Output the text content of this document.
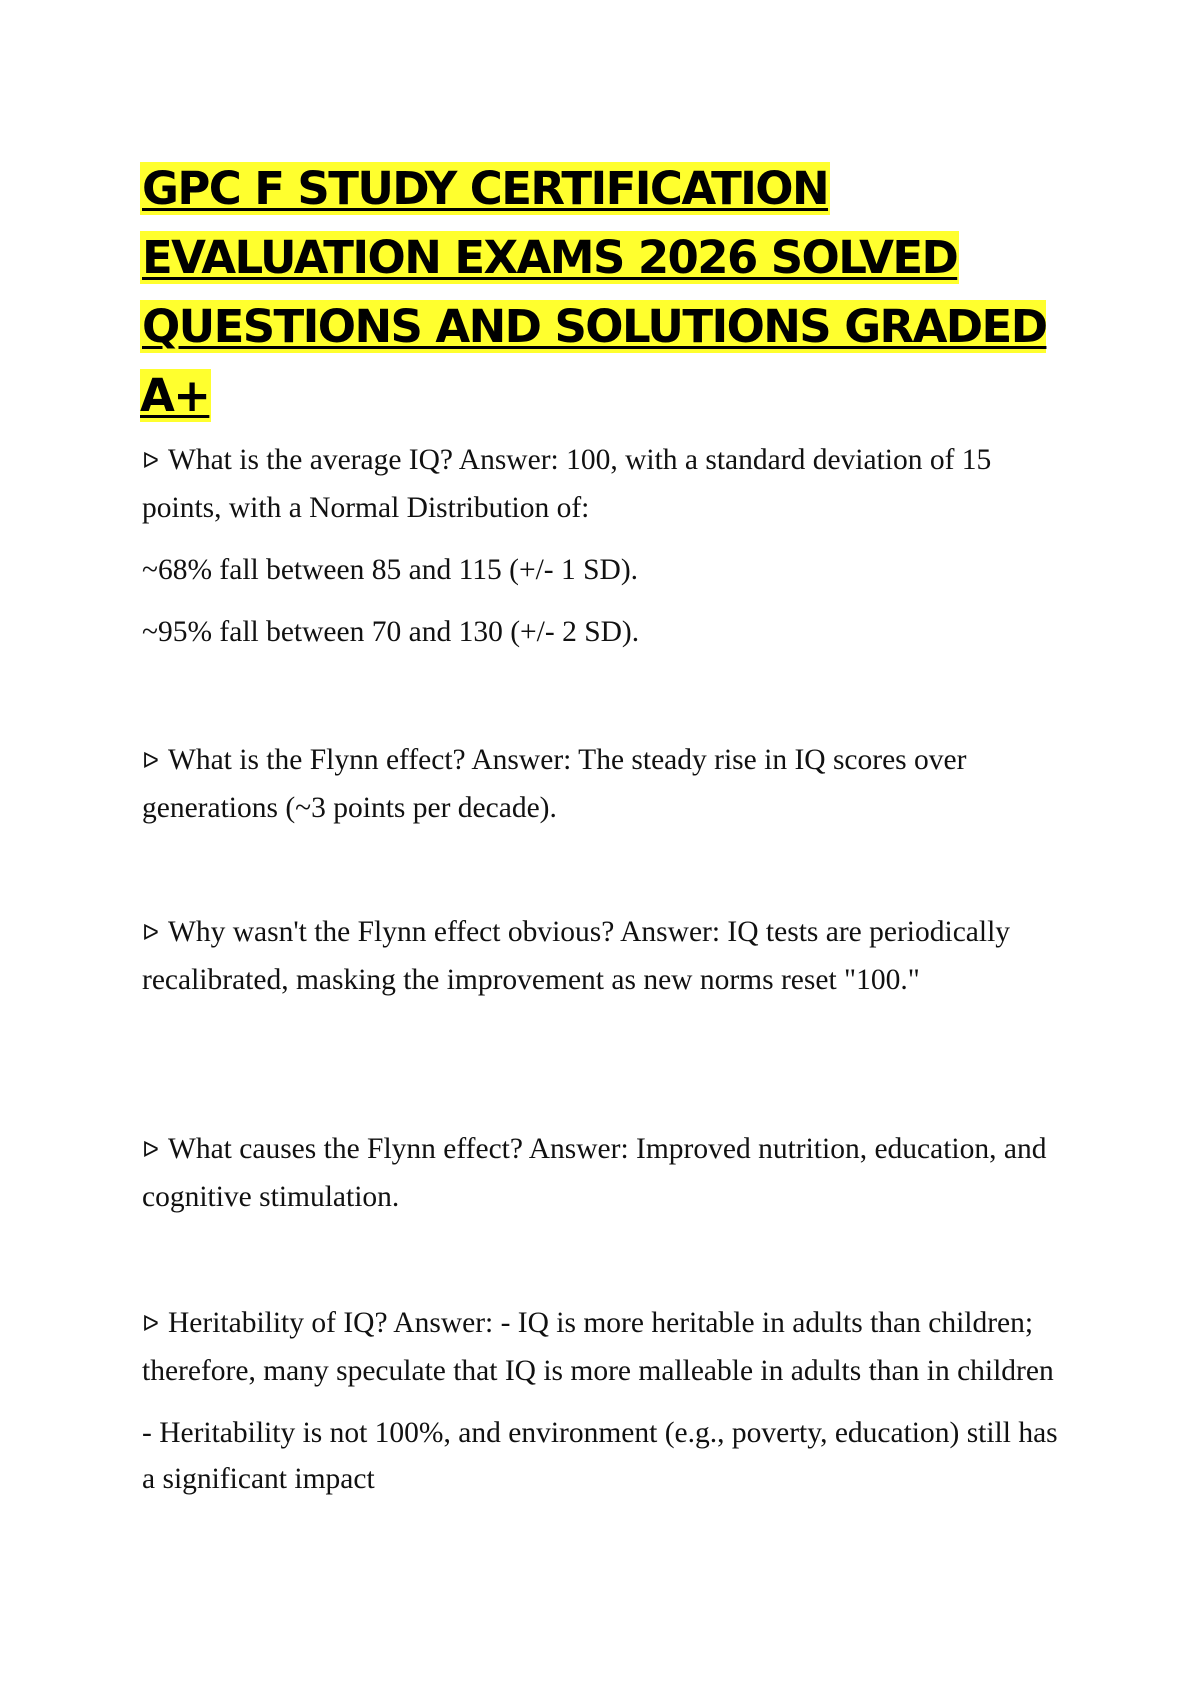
GPC F STUDY CERTIFICATION
EVALUATION EXAMS 2026 SOLVED
QUESTIONS AND SOLUTIONS GRADED A+

ᐅ What is the average IQ? Answer: 100, with a standard deviation of 15 points, with a Normal Distribution of:

~68% fall between 85 and 115 (+/- 1 SD).

~95% fall between 70 and 130 (+/- 2 SD).

ᐅ What is the Flynn effect? Answer: The steady rise in IQ scores over generations (~3 points per decade).

ᐅ Why wasn't the Flynn effect obvious? Answer: IQ tests are periodically recalibrated, masking the improvement as new norms reset "100."

ᐅ What causes the Flynn effect? Answer: Improved nutrition, education, and cognitive stimulation.

ᐅ Heritability of IQ? Answer: - IQ is more heritable in adults than children; therefore, many speculate that IQ is more malleable in adults than in children

- Heritability is not 100%, and environment (e.g., poverty, education) still has a significant impact
